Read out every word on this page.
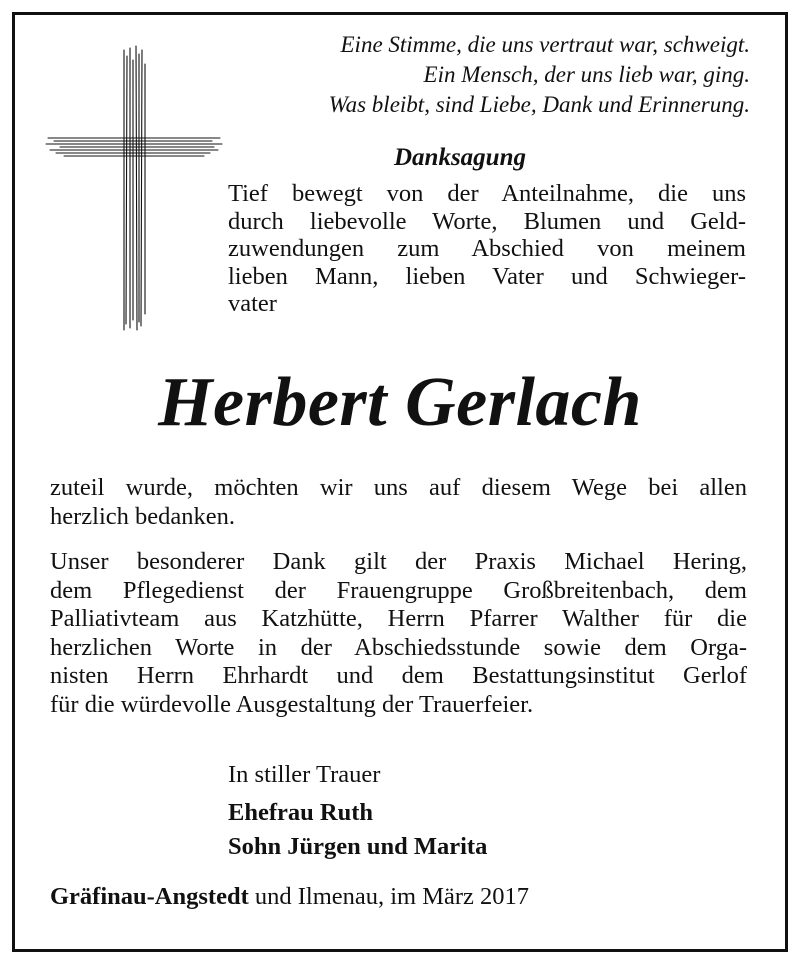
Eine Stimme, die uns vertraut war, schweigt.
Ein Mensch, der uns lieb war, ging.
Was bleibt, sind Liebe, Dank und Erinnerung.
Danksagung
Tief bewegt von der Anteilnahme, die uns
durch liebevolle Worte, Blumen und Geld-
zuwendungen zum Abschied von meinem
lieben Mann, lieben Vater und Schwieger-
vater
Herbert Gerlach
zuteil wurde, möchten wir uns auf diesem Wege bei allen
herzlich bedanken.
Unser besonderer Dank gilt der Praxis Michael Hering,
dem Pflegedienst der Frauengruppe Großbreitenbach, dem
Palliativteam aus Katzhütte, Herrn Pfarrer Walther für die
herzlichen Worte in der Abschiedsstunde sowie dem Orga-
nisten Herrn Ehrhardt und dem Bestattungsinstitut Gerlof
für die würdevolle Ausgestaltung der Trauerfeier.
In stiller Trauer
Ehefrau Ruth
Sohn Jürgen und Marita
Gräfinau-Angstedt und Ilmenau, im März 2017
